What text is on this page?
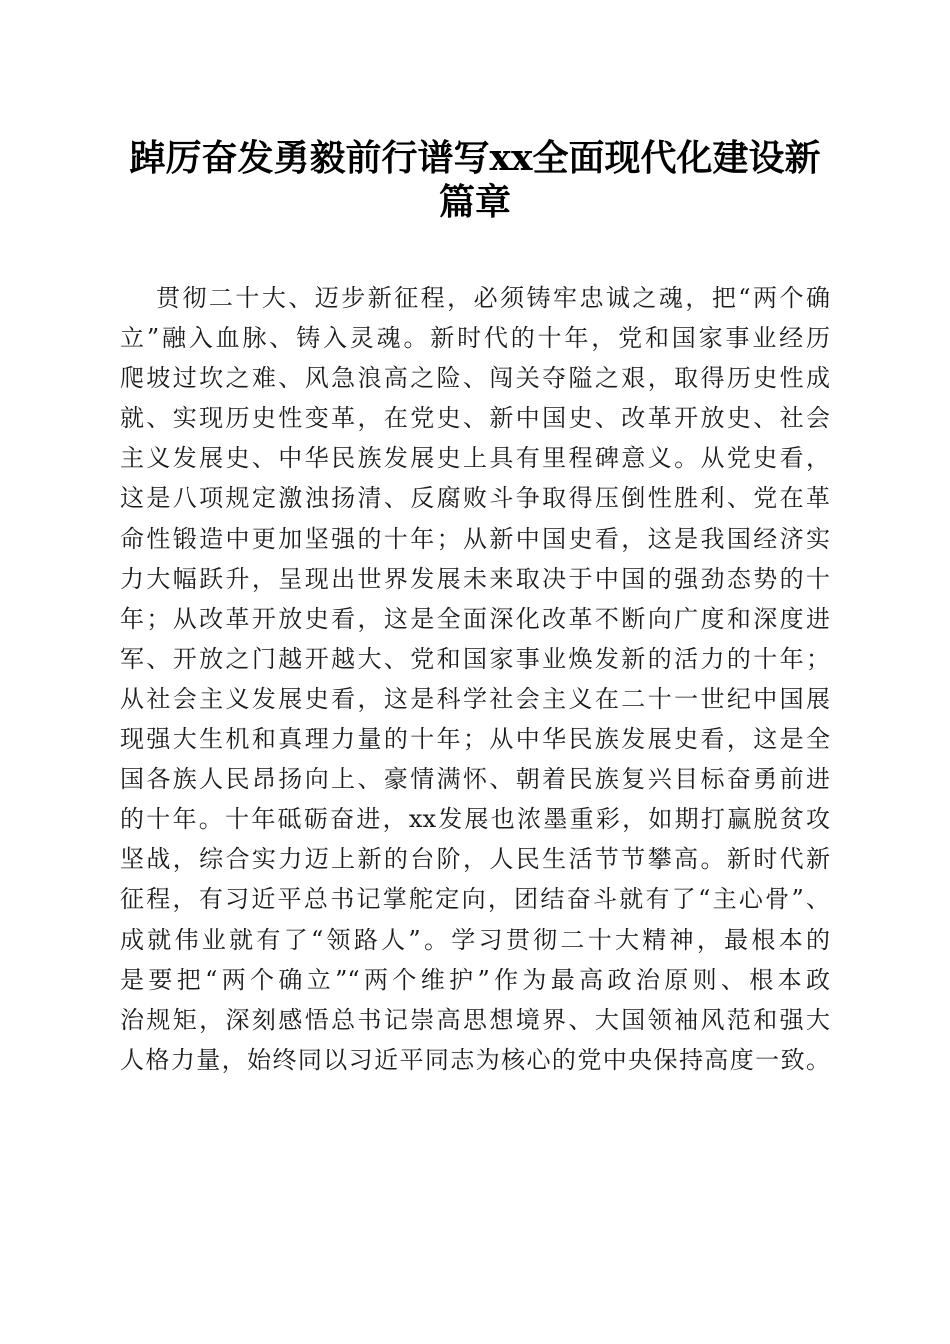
踔厉奋发勇毅前行谱写xx全面现代化建设新
篇章
贯彻二十大、迈步新征程，必须铸牢忠诚之魂，把“两个确
立”融入血脉、铸入灵魂。新时代的十年，党和国家事业经历
爬坡过坎之难、风急浪高之险、闯关夺隘之艰，取得历史性成
就、实现历史性变革，在党史、新中国史、改革开放史、社会
主义发展史、中华民族发展史上具有里程碑意义。从党史看，
这是八项规定激浊扬清、反腐败斗争取得压倒性胜利、党在革
命性锻造中更加坚强的十年；从新中国史看，这是我国经济实
力大幅跃升，呈现出世界发展未来取决于中国的强劲态势的十
年；从改革开放史看，这是全面深化改革不断向广度和深度进
军、开放之门越开越大、党和国家事业焕发新的活力的十年；
从社会主义发展史看，这是科学社会主义在二十一世纪中国展
现强大生机和真理力量的十年；从中华民族发展史看，这是全
国各族人民昂扬向上、豪情满怀、朝着民族复兴目标奋勇前进
的十年。十年砥砺奋进，xx发展也浓墨重彩，如期打赢脱贫攻
坚战，综合实力迈上新的台阶，人民生活节节攀高。新时代新
征程，有习近平总书记掌舵定向，团结奋斗就有了“主心骨”、
成就伟业就有了“领路人”。学习贯彻二十大精神，最根本的
是要把“两个确立”“两个维护”作为最高政治原则、根本政
治规矩，深刻感悟总书记崇高思想境界、大国领袖风范和强大
人格力量，始终同以习近平同志为核心的党中央保持高度一致。
